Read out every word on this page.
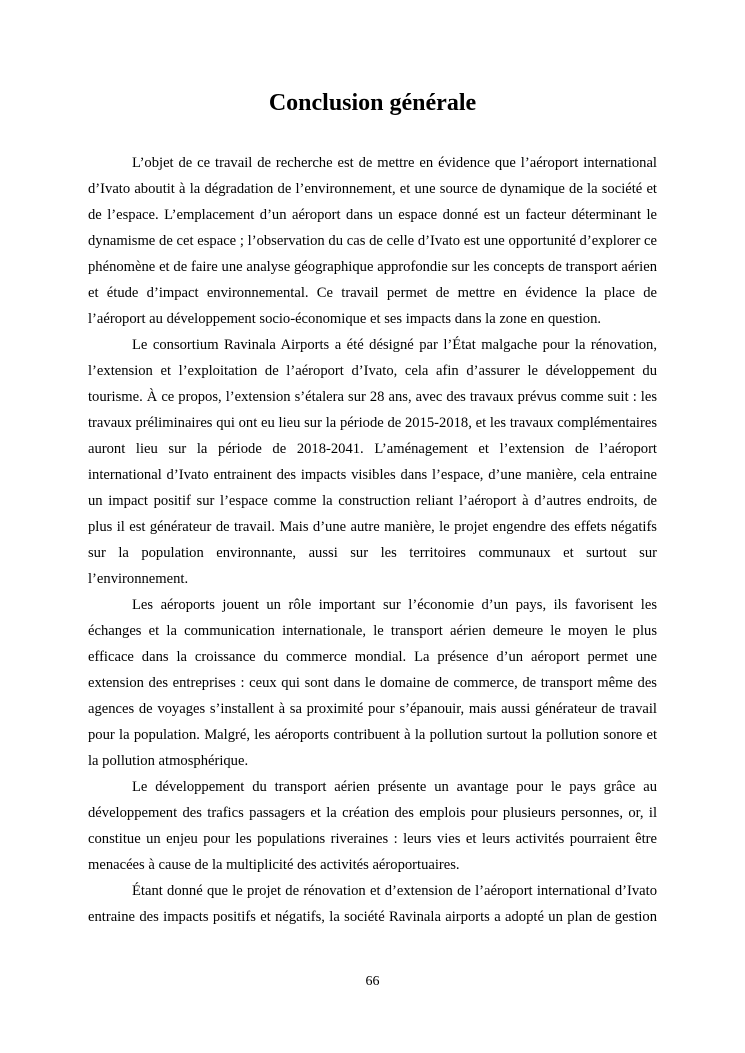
Conclusion générale

L’objet de ce travail de recherche est de mettre en évidence que l’aéroport international d’Ivato aboutit à la dégradation de l’environnement, et une source de dynamique de la société et de l’espace. L’emplacement d’un aéroport dans un espace donné est un facteur déterminant le dynamisme de cet espace ; l’observation du cas de celle d’Ivato est une opportunité d’explorer ce phénomène et de faire une analyse géographique approfondie sur les concepts de transport aérien et étude d’impact environnemental. Ce travail permet de mettre en évidence la place de l’aéroport au développement socio-économique et ses impacts dans la zone en question.

Le consortium Ravinala Airports a été désigné par l’État malgache pour la rénovation, l’extension et l’exploitation de l’aéroport d’Ivato, cela afin d’assurer le développement du tourisme. À ce propos, l’extension s’étalera sur 28 ans, avec des travaux prévus comme suit : les travaux préliminaires qui ont eu lieu sur la période de 2015-2018, et les travaux complémentaires auront lieu sur la période de 2018-2041. L’aménagement et l’extension de l’aéroport international d’Ivato entrainent des impacts visibles dans l’espace, d’une manière, cela entraine un impact positif sur l’espace comme la construction reliant l’aéroport à d’autres endroits, de plus il est générateur de travail. Mais d’une autre manière, le projet engendre des effets négatifs sur la population environnante, aussi sur les territoires communaux et surtout sur l’environnement.

Les aéroports jouent un rôle important sur l’économie d’un pays, ils favorisent les échanges et la communication internationale, le transport aérien demeure le moyen le plus efficace dans la croissance du commerce mondial. La présence d’un aéroport permet une extension des entreprises : ceux qui sont dans le domaine de commerce, de transport même des agences de voyages s’installent à sa proximité pour s’épanouir, mais aussi générateur de travail pour la population. Malgré, les aéroports contribuent à la pollution surtout la pollution sonore et la pollution atmosphérique.

Le développement du transport aérien présente un avantage pour le pays grâce au développement des trafics passagers et la création des emplois pour plusieurs personnes, or, il constitue un enjeu pour les populations riveraines : leurs vies et leurs activités pourraient être menacées à cause de la multiplicité des activités aéroportuaires.

Étant donné que le projet de rénovation et d’extension de l’aéroport international d’Ivato entraine des impacts positifs et négatifs, la société Ravinala airports a adopté un plan de gestion

66
